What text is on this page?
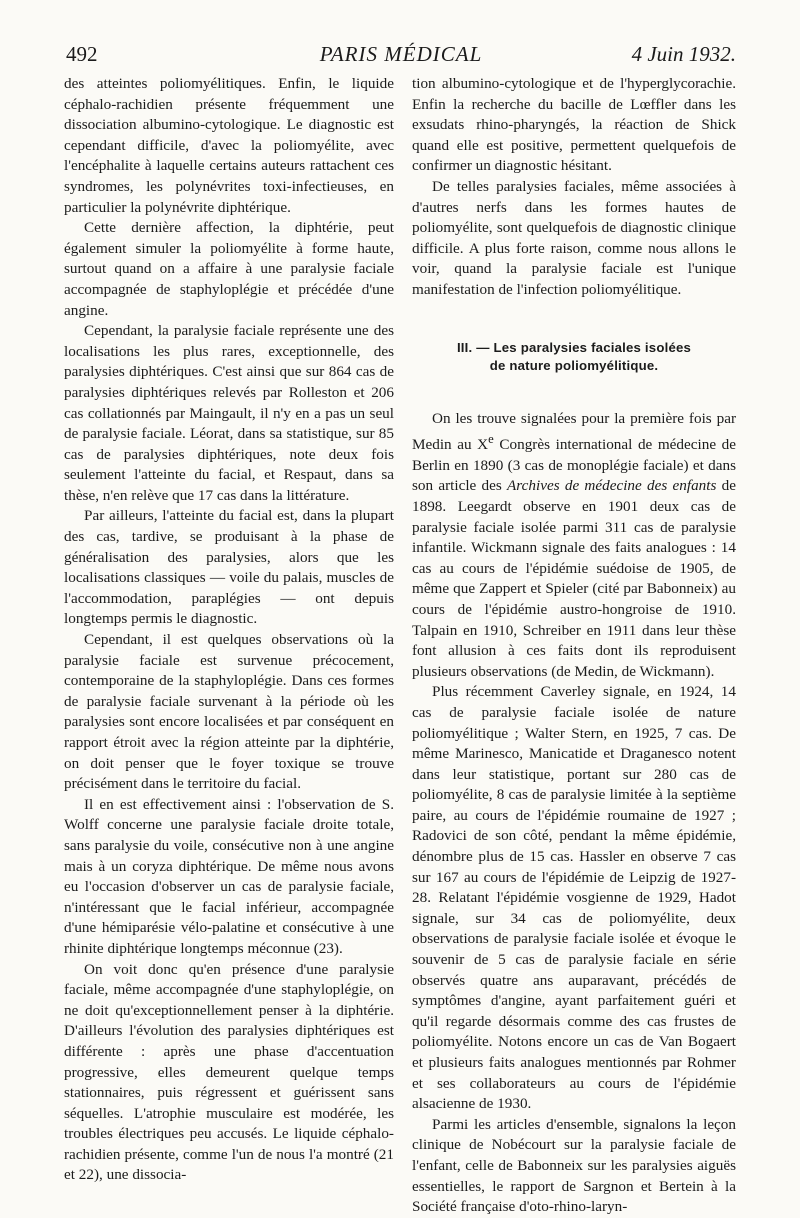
492	PARIS MÉDICAL	4 Juin 1932.

des atteintes poliomyélitiques. Enfin, le liquide céphalo-rachidien présente fréquemment une dissociation albumino-cytologique. Le diagnostic est cependant difficile, d'avec la poliomyélite, avec l'encéphalite à laquelle certains auteurs rattachent ces syndromes, les polynévrites toxi-infectieuses, en particulier la polynévrite diphtérique.

Cette dernière affection, la diphtérie, peut également simuler la poliomyélite à forme haute, surtout quand on a affaire à une paralysie faciale accompagnée de staphyloplégie et précédée d'une angine.

Cependant, la paralysie faciale représente une des localisations les plus rares, exceptionnelle, des paralysies diphtériques. C'est ainsi que sur 864 cas de paralysies diphtériques relevés par Rolleston et 206 cas collationnés par Maingault, il n'y en a pas un seul de paralysie faciale. Léorat, dans sa statistique, sur 85 cas de paralysies diphtériques, note deux fois seulement l'atteinte du facial, et Respaut, dans sa thèse, n'en relève que 17 cas dans la littérature.

Par ailleurs, l'atteinte du facial est, dans la plupart des cas, tardive, se produisant à la phase de généralisation des paralysies, alors que les localisations classiques — voile du palais, muscles de l'accommodation, paraplégies — ont depuis longtemps permis le diagnostic.

Cependant, il est quelques observations où la paralysie faciale est survenue précocement, contemporaine de la staphyloplégie. Dans ces formes de paralysie faciale survenant à la période où les paralysies sont encore localisées et par conséquent en rapport étroit avec la région atteinte par la diphtérie, on doit penser que le foyer toxique se trouve précisément dans le territoire du facial.

Il en est effectivement ainsi : l'observation de S. Wolff concerne une paralysie faciale droite totale, sans paralysie du voile, consécutive non à une angine mais à un coryza diphtérique. De même nous avons eu l'occasion d'observer un cas de paralysie faciale, n'intéressant que le facial inférieur, accompagnée d'une hémiparésie vélo-palatine et consécutive à une rhinite diphtérique longtemps méconnue (23).

On voit donc qu'en présence d'une paralysie faciale, même accompagnée d'une staphyloplégie, on ne doit qu'exceptionnellement penser à la diphtérie. D'ailleurs l'évolution des paralysies diphtériques est différente : après une phase d'accentuation progressive, elles demeurent quelque temps stationnaires, puis régressent et guérissent sans séquelles. L'atrophie musculaire est modérée, les troubles électriques peu accusés. Le liquide céphalo-rachidien présente, comme l'un de nous l'a montré (21 et 22), une dissocia-

tion albumino-cytologique et de l'hyperglycorachie. Enfin la recherche du bacille de Lœffler dans les exsudats rhino-pharyngés, la réaction de Shick quand elle est positive, permettent quelquefois de confirmer un diagnostic hésitant.

De telles paralysies faciales, même associées à d'autres nerfs dans les formes hautes de poliomyélite, sont quelquefois de diagnostic clinique difficile. A plus forte raison, comme nous allons le voir, quand la paralysie faciale est l'unique manifestation de l'infection poliomyélitique.

III. — Les paralysies faciales isolées
de nature poliomyélitique.

On les trouve signalées pour la première fois par Medin au Xe Congrès international de médecine de Berlin en 1890 (3 cas de monoplégie faciale) et dans son article des Archives de médecine des enfants de 1898. Leegardt observe en 1901 deux cas de paralysie faciale isolée parmi 311 cas de paralysie infantile. Wickmann signale des faits analogues : 14 cas au cours de l'épidémie suédoise de 1905, de même que Zappert et Spieler (cité par Babonneix) au cours de l'épidémie austro-hongroise de 1910. Talpain en 1910, Schreiber en 1911 dans leur thèse font allusion à ces faits dont ils reproduisent plusieurs observations (de Medin, de Wickmann).

Plus récemment Caverley signale, en 1924, 14 cas de paralysie faciale isolée de nature poliomyélitique ; Walter Stern, en 1925, 7 cas. De même Marinesco, Manicatide et Draganesco notent dans leur statistique, portant sur 280 cas de poliomyélite, 8 cas de paralysie limitée à la septième paire, au cours de l'épidémie roumaine de 1927 ; Radovici de son côté, pendant la même épidémie, dénombre plus de 15 cas. Hassler en observe 7 cas sur 167 au cours de l'épidémie de Leipzig de 1927-28. Relatant l'épidémie vosgienne de 1929, Hadot signale, sur 34 cas de poliomyélite, deux observations de paralysie faciale isolée et évoque le souvenir de 5 cas de paralysie faciale en série observés quatre ans auparavant, précédés de symptômes d'angine, ayant parfaitement guéri et qu'il regarde désormais comme des cas frustes de poliomyélite. Notons encore un cas de Van Bogaert et plusieurs faits analogues mentionnés par Rohmer et ses collaborateurs au cours de l'épidémie alsacienne de 1930.

Parmi les articles d'ensemble, signalons la leçon clinique de Nobécourt sur la paralysie faciale de l'enfant, celle de Babonneix sur les paralysies aiguës essentielles, le rapport de Sargnon et Bertein à la Société française d'oto-rhino-laryn-
